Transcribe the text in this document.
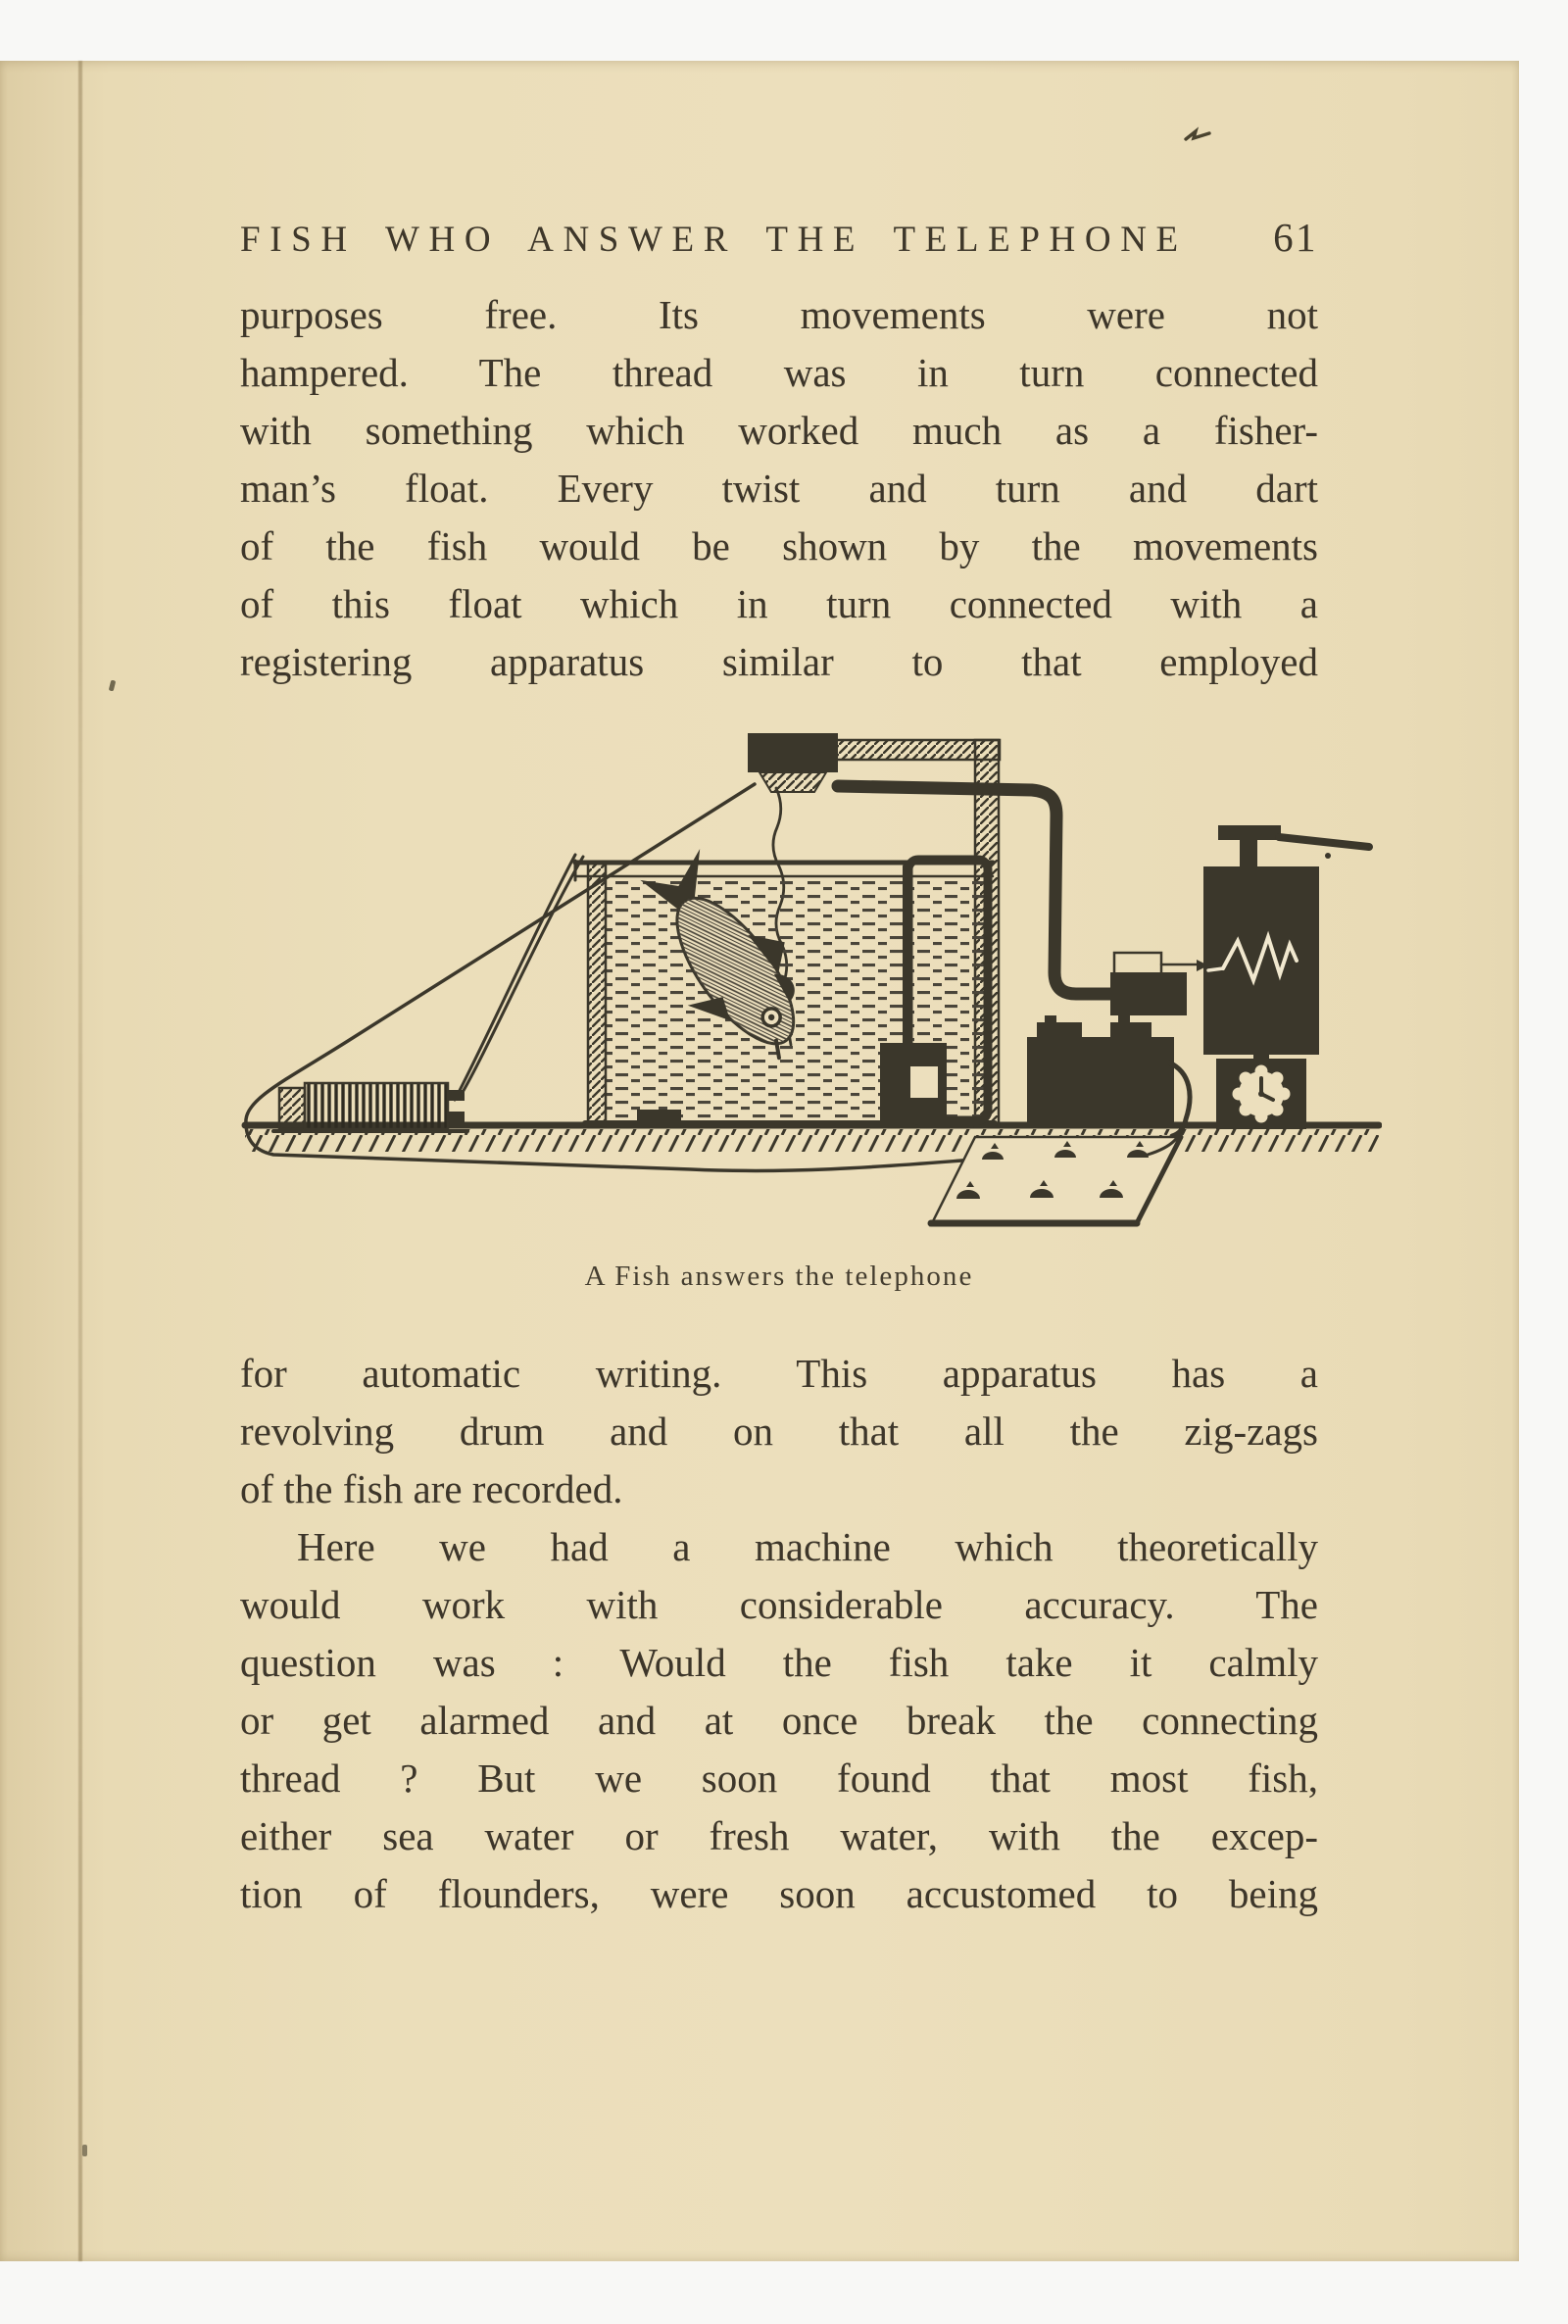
FISH WHO ANSWER THE TELEPHONE 61
purposes free. Its movements were not
hampered. The thread was in turn connected
with something which worked much as a fisher-
man’s float. Every twist and turn and dart
of the fish would be shown by the movements
of this float which in turn connected with a
registering apparatus similar to that employed
A Fish answers the telephone
for automatic writing. This apparatus has a
revolving drum and on that all the zig-zags
of the fish are recorded.
Here we had a machine which theoretically
would work with considerable accuracy. The
question was : Would the fish take it calmly
or get alarmed and at once break the connecting
thread ? But we soon found that most fish,
either sea water or fresh water, with the excep-
tion of flounders, were soon accustomed to being
